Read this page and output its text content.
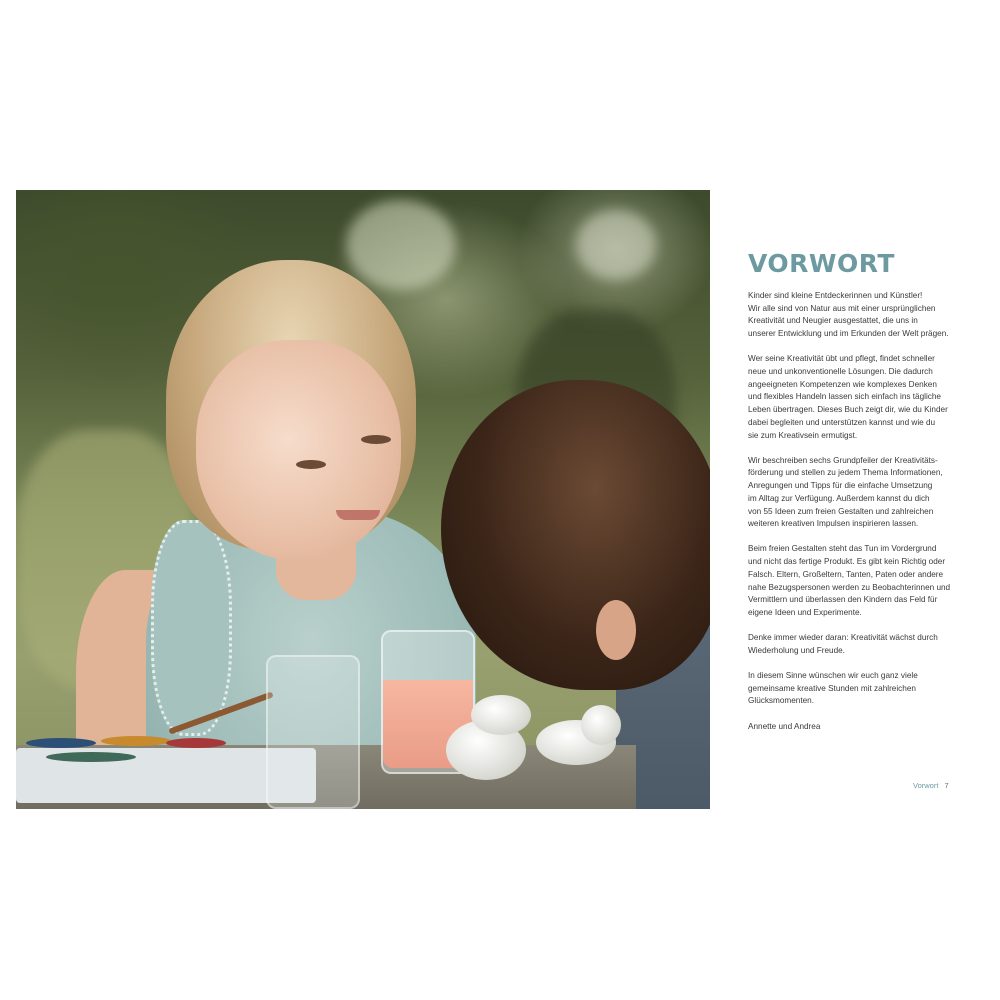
VORWORT

Kinder sind kleine Entdeckerinnen und Künstler!
Wir alle sind von Natur aus mit einer ursprünglichen
Kreativität und Neugier ausgestattet, die uns in
unserer Entwicklung und im Erkunden der Welt prägen.

Wer seine Kreativität übt und pflegt, findet schneller
neue und unkonventionelle Lösungen. Die dadurch
angeeigneten Kompetenzen wie komplexes Denken
und flexibles Handeln lassen sich einfach ins tägliche
Leben übertragen. Dieses Buch zeigt dir, wie du Kinder
dabei begleiten und unterstützen kannst und wie du
sie zum Kreativsein ermutigst.

Wir beschreiben sechs Grundpfeiler der Kreativitäts-
förderung und stellen zu jedem Thema Informationen,
Anregungen und Tipps für die einfache Umsetzung
im Alltag zur Verfügung. Außerdem kannst du dich
von 55 Ideen zum freien Gestalten und zahlreichen
weiteren kreativen Impulsen inspirieren lassen.

Beim freien Gestalten steht das Tun im Vordergrund
und nicht das fertige Produkt. Es gibt kein Richtig oder
Falsch. Eltern, Großeltern, Tanten, Paten oder andere
nahe Bezugspersonen werden zu Beobachterinnen und
Vermittlern und überlassen den Kindern das Feld für
eigene Ideen und Experimente.

Denke immer wieder daran: Kreativität wächst durch
Wiederholung und Freude.

In diesem Sinne wünschen wir euch ganz viele
gemeinsame kreative Stunden mit zahlreichen
Glücksmomenten.

Annette und Andrea

Vorwort 7
